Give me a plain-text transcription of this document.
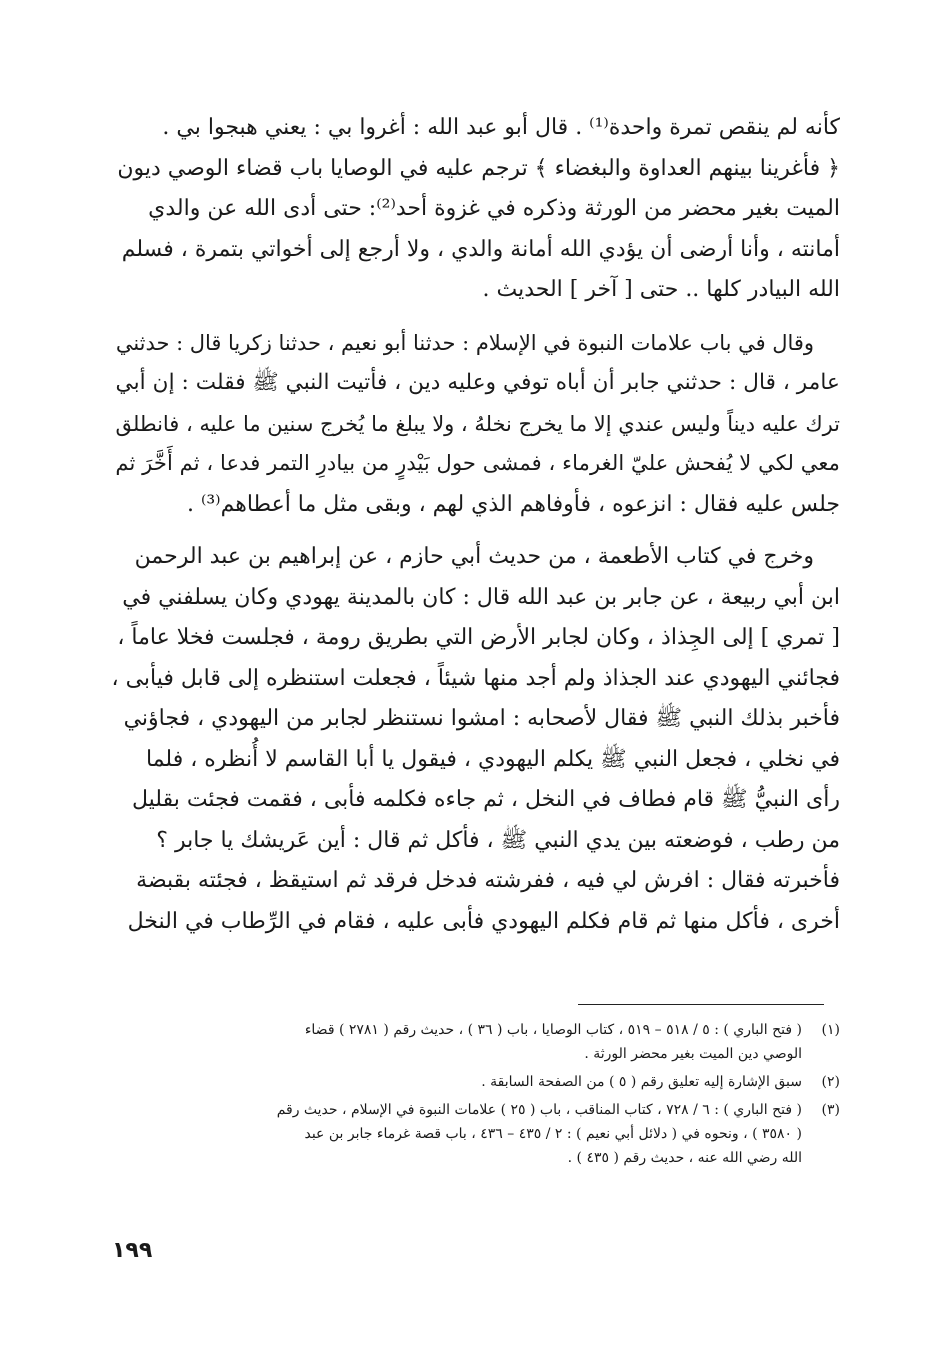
كأنه لم ينقص تمرة واحدة⁽¹⁾ . قال أبو عبد الله : أغروا بي : يعني هبجوا بي .
﴿ فأغرينا بينهم العداوة والبغضاء ﴾ ترجم عليه في الوصايا باب قضاء الوصي ديون
الميت بغير محضر من الورثة وذكره في غزوة أحد⁽²⁾: حتى أدى الله عن والدي
أمانته ، وأنا أرضى أن يؤدي الله أمانة والدي ، ولا أرجع إلى أخواتي بتمرة ، فسلم
الله البيادر كلها .. حتى [ آخر ] الحديث .

وقال في باب علامات النبوة في الإسلام : حدثنا أبو نعيم ، حدثنا زكريا قال : حدثني
عامر ، قال : حدثني جابر أن أباه توفي وعليه دين ، فأتيت النبي ﷺ فقلت : إن أبي
ترك عليه ديناً وليس عندي إلا ما يخرج نخلهُ ، ولا يبلغ ما يُخرج سنين ما عليه ، فانطلق
معي لكي لا يُفحش عليّ الغرماء ، فمشى حول بَيْدرٍ من بيادرِ التمر فدعا ، ثم أَخَّرَ ثم
جلس عليه فقال : انزعوه ، فأوفاهم الذي لهم ، وبقى مثل ما أعطاهم⁽³⁾ .

وخرج في كتاب الأطعمة ، من حديث أبي حازم ، عن إبراهيم بن عبد الرحمن
ابن أبي ربيعة ، عن جابر بن عبد الله قال : كان بالمدينة يهودي وكان يسلفني في
[ تمري ] إلى الجِذاذ ، وكان لجابر الأرض التي بطريق رومة ، فجلست فخلا عاماً ،
فجائني اليهودي عند الجذاذ ولم أجد منها شيئاً ، فجعلت استنظره إلى قابل فيأبى ،
فأخبر بذلك النبي ﷺ فقال لأصحابه : امشوا نستنظر لجابر من اليهودي ، فجاؤني
في نخلي ، فجعل النبي ﷺ يكلم اليهودي ، فيقول يا أبا القاسم لا أُنظره ، فلما
رأى النبيُّ ﷺ قام فطاف في النخل ، ثم جاءه فكلمه فأبى ، فقمت فجئت بقليل
من رطب ، فوضعته بين يدي النبي ﷺ ، فأكل ثم قال : أين عَريشك يا جابر ؟
فأخبرته فقال : افرش لي فيه ، ففرشته فدخل فرقد ثم استيقظ ، فجئته بقبضة
أخرى ، فأكل منها ثم قام فكلم اليهودي فأبى عليه ، فقام في الرِّطاب في النخل

(١)
( فتح الباري ) : ٥ / ٥١٨ – ٥١٩ ، كتاب الوصايا ، باب ( ٣٦ ) ، حديث رقم ( ٢٧٨١ ) قضاء
الوصي دين الميت بغير محضر الورثة .
(٢)
سبق الإشارة إليه تعليق رقم ( ٥ ) من الصفحة السابقة .
(٣)
( فتح الباري ) : ٦ / ٧٢٨ ، كتاب المناقب ، باب ( ٢٥ ) علامات النبوة في الإسلام ، حديث رقم
( ٣٥٨٠ ) ، ونحوه في ( دلائل أبي نعيم ) : ٢ / ٤٣٥ – ٤٣٦ ، باب قصة غرماء جابر بن عبد
الله رضي الله عنه ، حديث رقم ( ٤٣٥ ) .
١٩٩
